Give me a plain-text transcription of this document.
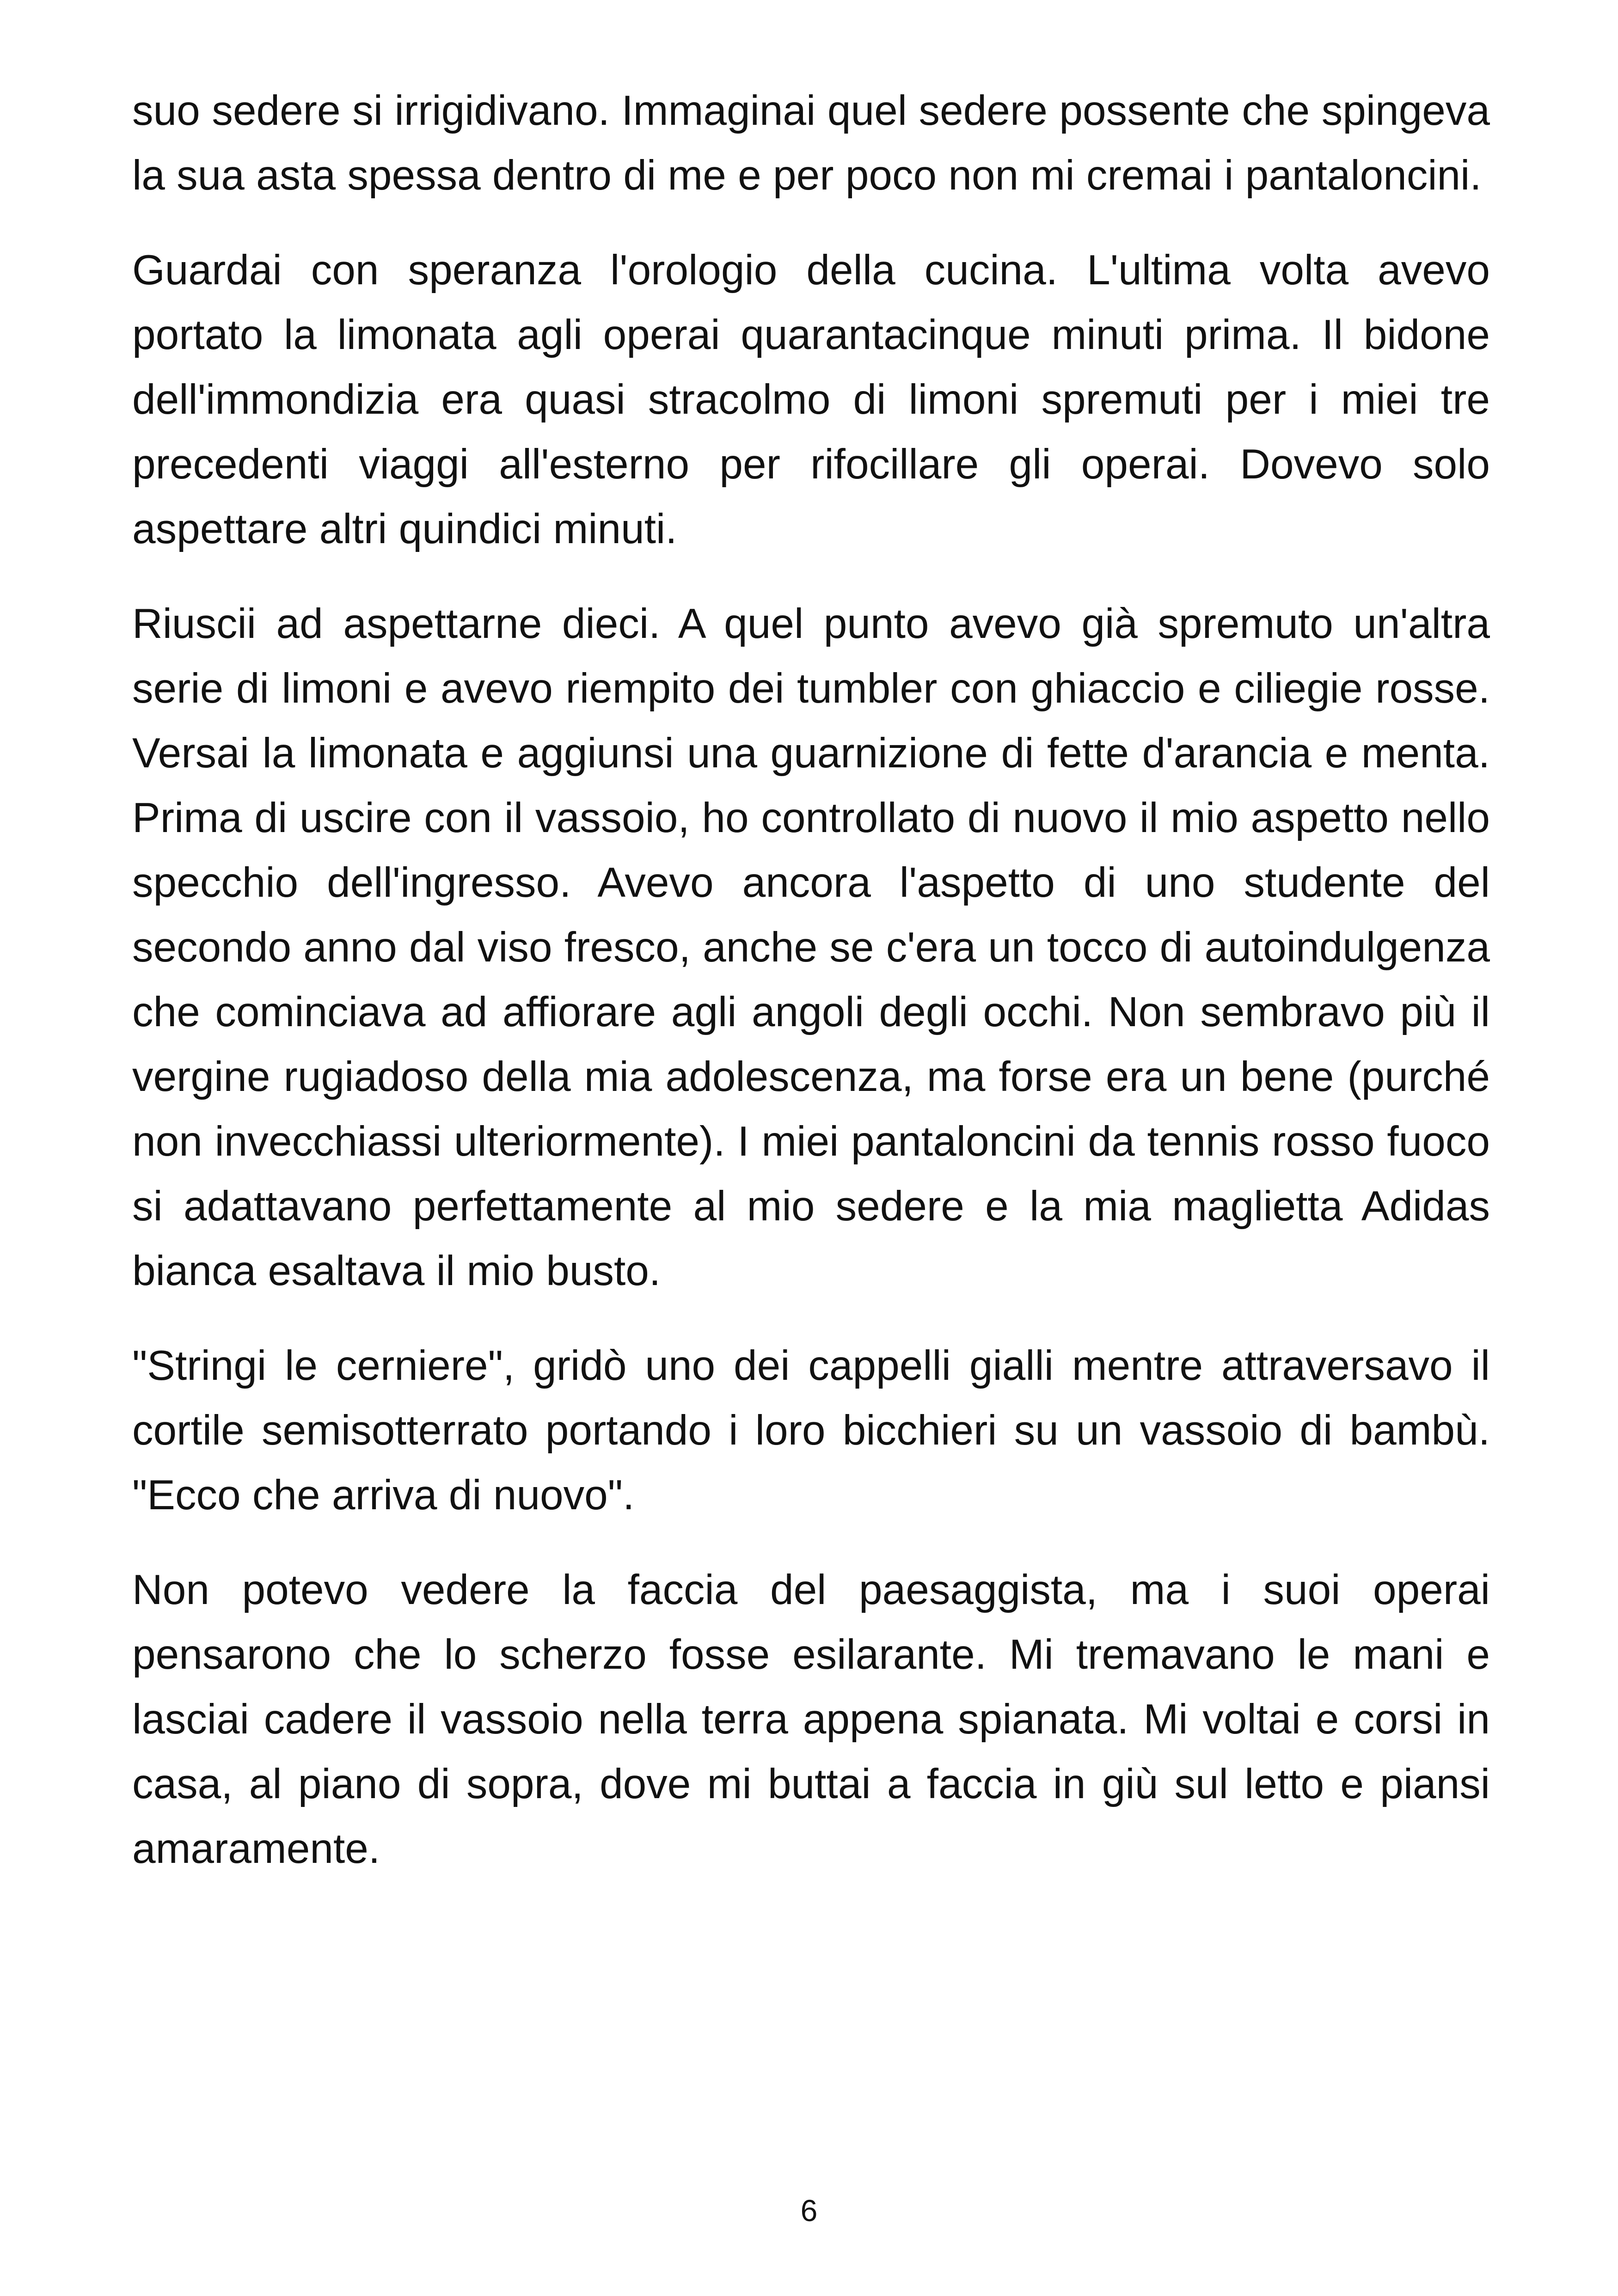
suo sedere si irrigidivano. Immaginai quel sedere possente che spingeva la sua asta spessa dentro di me e per poco non mi cremai i pantaloncini.

Guardai con speranza l'orologio della cucina. L'ultima volta avevo portato la limonata agli operai quarantacinque minuti prima. Il bidone dell'immondizia era quasi stracolmo di limoni spremuti per i miei tre precedenti viaggi all'esterno per rifocillare gli operai. Dovevo solo aspettare altri quindici minuti.

Riuscii ad aspettarne dieci. A quel punto avevo già spremuto un'altra serie di limoni e avevo riempito dei tumbler con ghiaccio e ciliegie rosse. Versai la limonata e aggiunsi una guarnizione di fette d'arancia e menta. Prima di uscire con il vassoio, ho controllato di nuovo il mio aspetto nello specchio dell'ingresso. Avevo ancora l'aspetto di uno studente del secondo anno dal viso fresco, anche se c'era un tocco di autoindulgenza che cominciava ad affiorare agli angoli degli occhi. Non sembravo più il vergine rugiadoso della mia adolescenza, ma forse era un bene (purché non invecchiassi ulteriormente). I miei pantaloncini da tennis rosso fuoco si adattavano perfettamente al mio sedere e la mia maglietta Adidas bianca esaltava il mio busto.

"Stringi le cerniere", gridò uno dei cappelli gialli mentre attraversavo il cortile semisotterrato portando i loro bicchieri su un vassoio di bambù. "Ecco che arriva di nuovo".

Non potevo vedere la faccia del paesaggista, ma i suoi operai pensarono che lo scherzo fosse esilarante. Mi tremavano le mani e lasciai cadere il vassoio nella terra appena spianata. Mi voltai e corsi in casa, al piano di sopra, dove mi buttai a faccia in giù sul letto e piansi amaramente.

6
